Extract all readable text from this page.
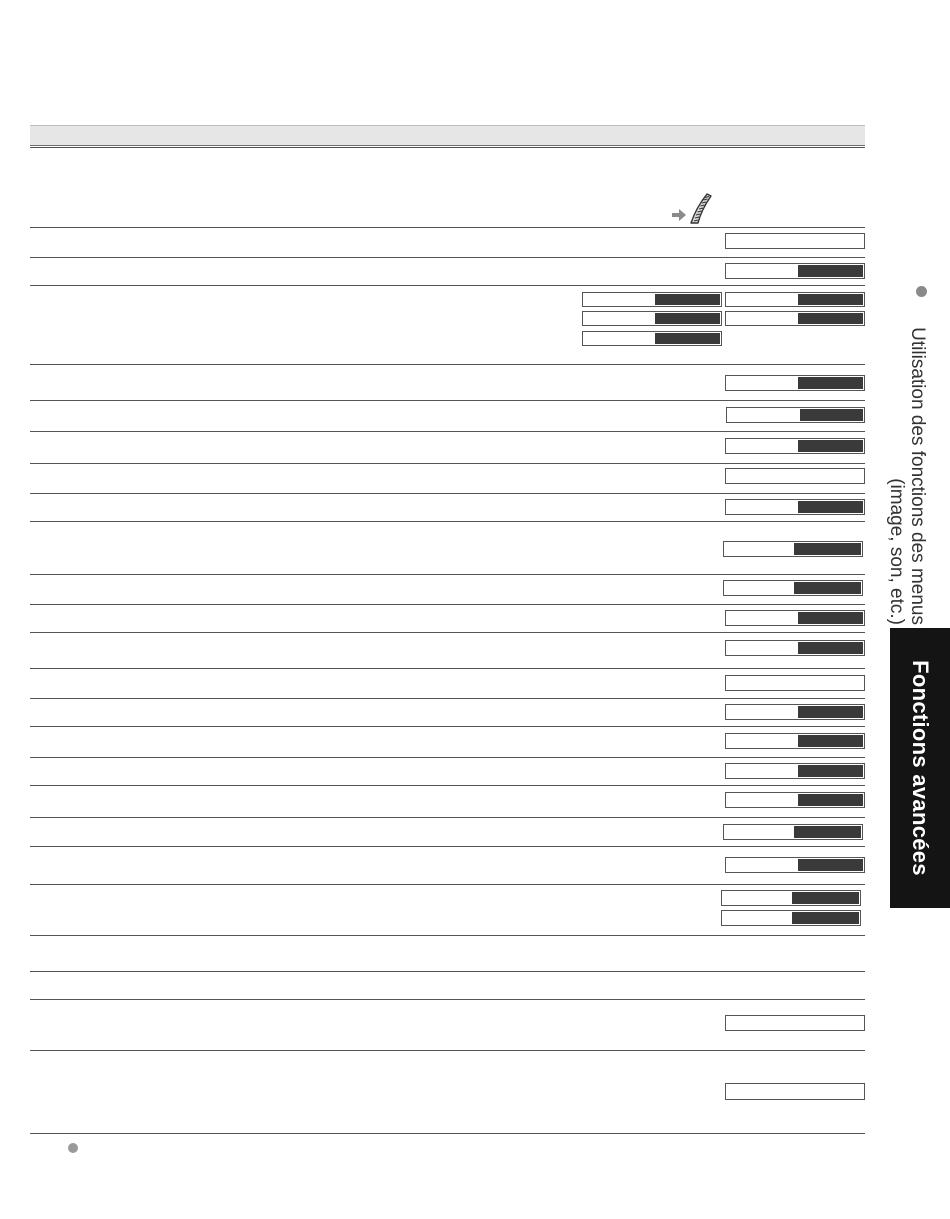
Utilisation des fonctions des menus (image, son, etc.)
Fonctions avancées
